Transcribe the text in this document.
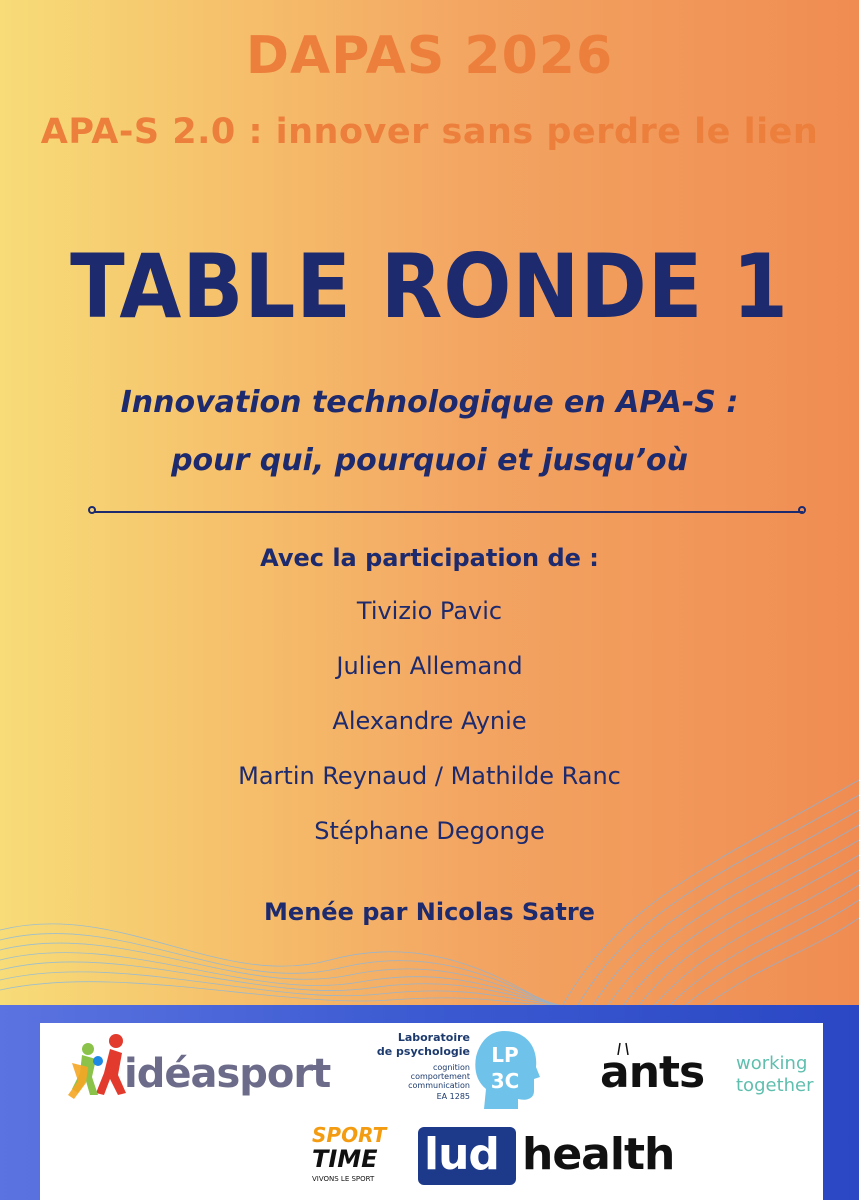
DAPAS 2026
APA-S 2.0 : innover sans perdre le lien
TABLE RONDE 1
Innovation technologique en APA-S :
pour qui, pourquoi et jusqu’où
Avec la participation de :
Tivizio Pavic
Julien Allemand
Alexandre Aynie
Martin Reynaud / Mathilde Ranc
Stéphane Degonge
Menée par Nicolas Satre
idéasport
Laboratoire
de psychologie
cognition
comportement
communication
EA 1285
LP
3C ants working
together
SPORT
TIME
VIVONS LE SPORT lud health
